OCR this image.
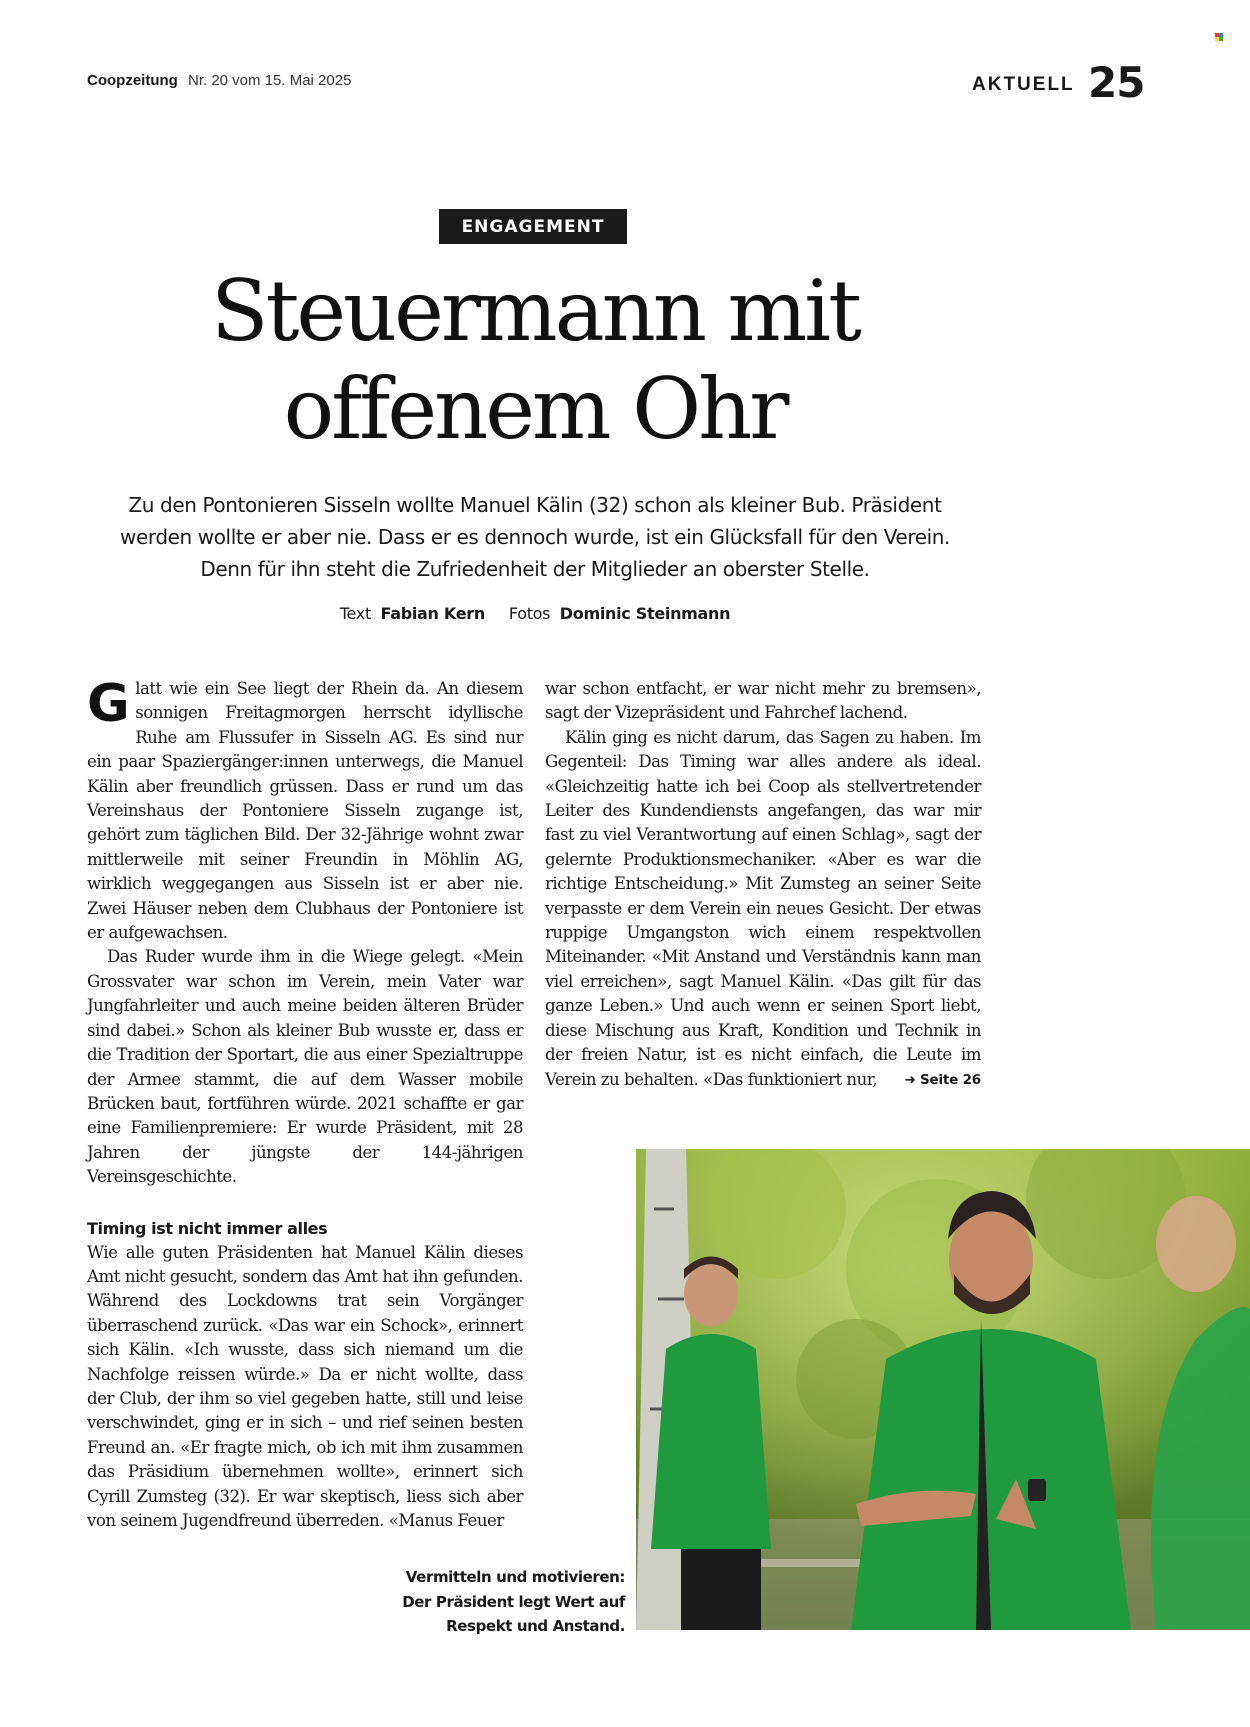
Coopzeitung Nr. 20 vom 15. Mai 2025	AKTUELL 25
ENGAGEMENT
Steuermann mit
offenem Ohr

Zu den Pontonieren Sisseln wollte Manuel Kälin (32) schon als kleiner Bub. Präsident werden wollte er aber nie. Dass er es dennoch wurde, ist ein Glücksfall für den Verein. Denn für ihn steht die Zufriedenheit der Mitglieder an oberster Stelle.

Text Fabian Kern Fotos Dominic Steinmann

Glatt wie ein See liegt der Rhein da. An diesem sonnigen Freitagmorgen herrscht idyllische Ruhe am Flussufer in Sisseln AG. Es sind nur ein paar Spaziergänger:innen unterwegs, die Manuel Kälin aber freundlich grüssen. Dass er rund um das Vereinshaus der Pontoniere Sisseln zugange ist, gehört zum täglichen Bild. Der 32-Jährige wohnt zwar mittlerweile mit seiner Freundin in Möhlin AG, wirklich weggegangen aus Sisseln ist er aber nie. Zwei Häuser neben dem Clubhaus der Pontoniere ist er aufgewachsen.

Das Ruder wurde ihm in die Wiege gelegt. «Mein Grossvater war schon im Verein, mein Vater war Jungfahrleiter und auch meine beiden älteren Brüder sind dabei.» Schon als kleiner Bub wusste er, dass er die Tradition der Sportart, die aus einer Spezialtruppe der Armee stammt, die auf dem Wasser mobile Brücken baut, fortführen würde. 2021 schaffte er gar eine Familienpremiere: Er wurde Präsident, mit 28 Jahren der jüngste der 144-jährigen Vereinsgeschichte.

Timing ist nicht immer alles

Wie alle guten Präsidenten hat Manuel Kälin dieses Amt nicht gesucht, sondern das Amt hat ihn gefunden. Während des Lockdowns trat sein Vorgänger überraschend zurück. «Das war ein Schock», erinnert sich Kälin. «Ich wusste, dass sich niemand um die Nachfolge reissen würde.» Da er nicht wollte, dass der Club, der ihm so viel gegeben hatte, still und leise verschwindet, ging er in sich – und rief seinen besten Freund an. «Er fragte mich, ob ich mit ihm zusammen das Präsidium übernehmen wollte», erinnert sich Cyrill Zumsteg (32). Er war skeptisch, liess sich aber von seinem Jugendfreund überreden. «Manus Feuer

war schon entfacht, er war nicht mehr zu bremsen», sagt der Vizepräsident und Fahrchef lachend.

Kälin ging es nicht darum, das Sagen zu haben. Im Gegenteil: Das Timing war alles andere als ideal. «Gleichzeitig hatte ich bei Coop als stellvertretender Leiter des Kundendiensts angefangen, das war mir fast zu viel Verantwortung auf einen Schlag», sagt der gelernte Produktionsmechaniker. «Aber es war die richtige Entscheidung.» Mit Zumsteg an seiner Seite verpasste er dem Verein ein neues Gesicht. Der etwas ruppige Umgangston wich einem respektvollen Miteinander. «Mit Anstand und Verständnis kann man viel erreichen», sagt Manuel Kälin. «Das gilt für das ganze Leben.» Und auch wenn er seinen Sport liebt, diese Mischung aus Kraft, Kondition und Technik in der freien Natur, ist es nicht einfach, die Leute im Verein zu behalten. «Das funktioniert nur,	➜ Seite 26

Vermitteln und motivieren:
Der Präsident legt Wert auf
Respekt und Anstand.
